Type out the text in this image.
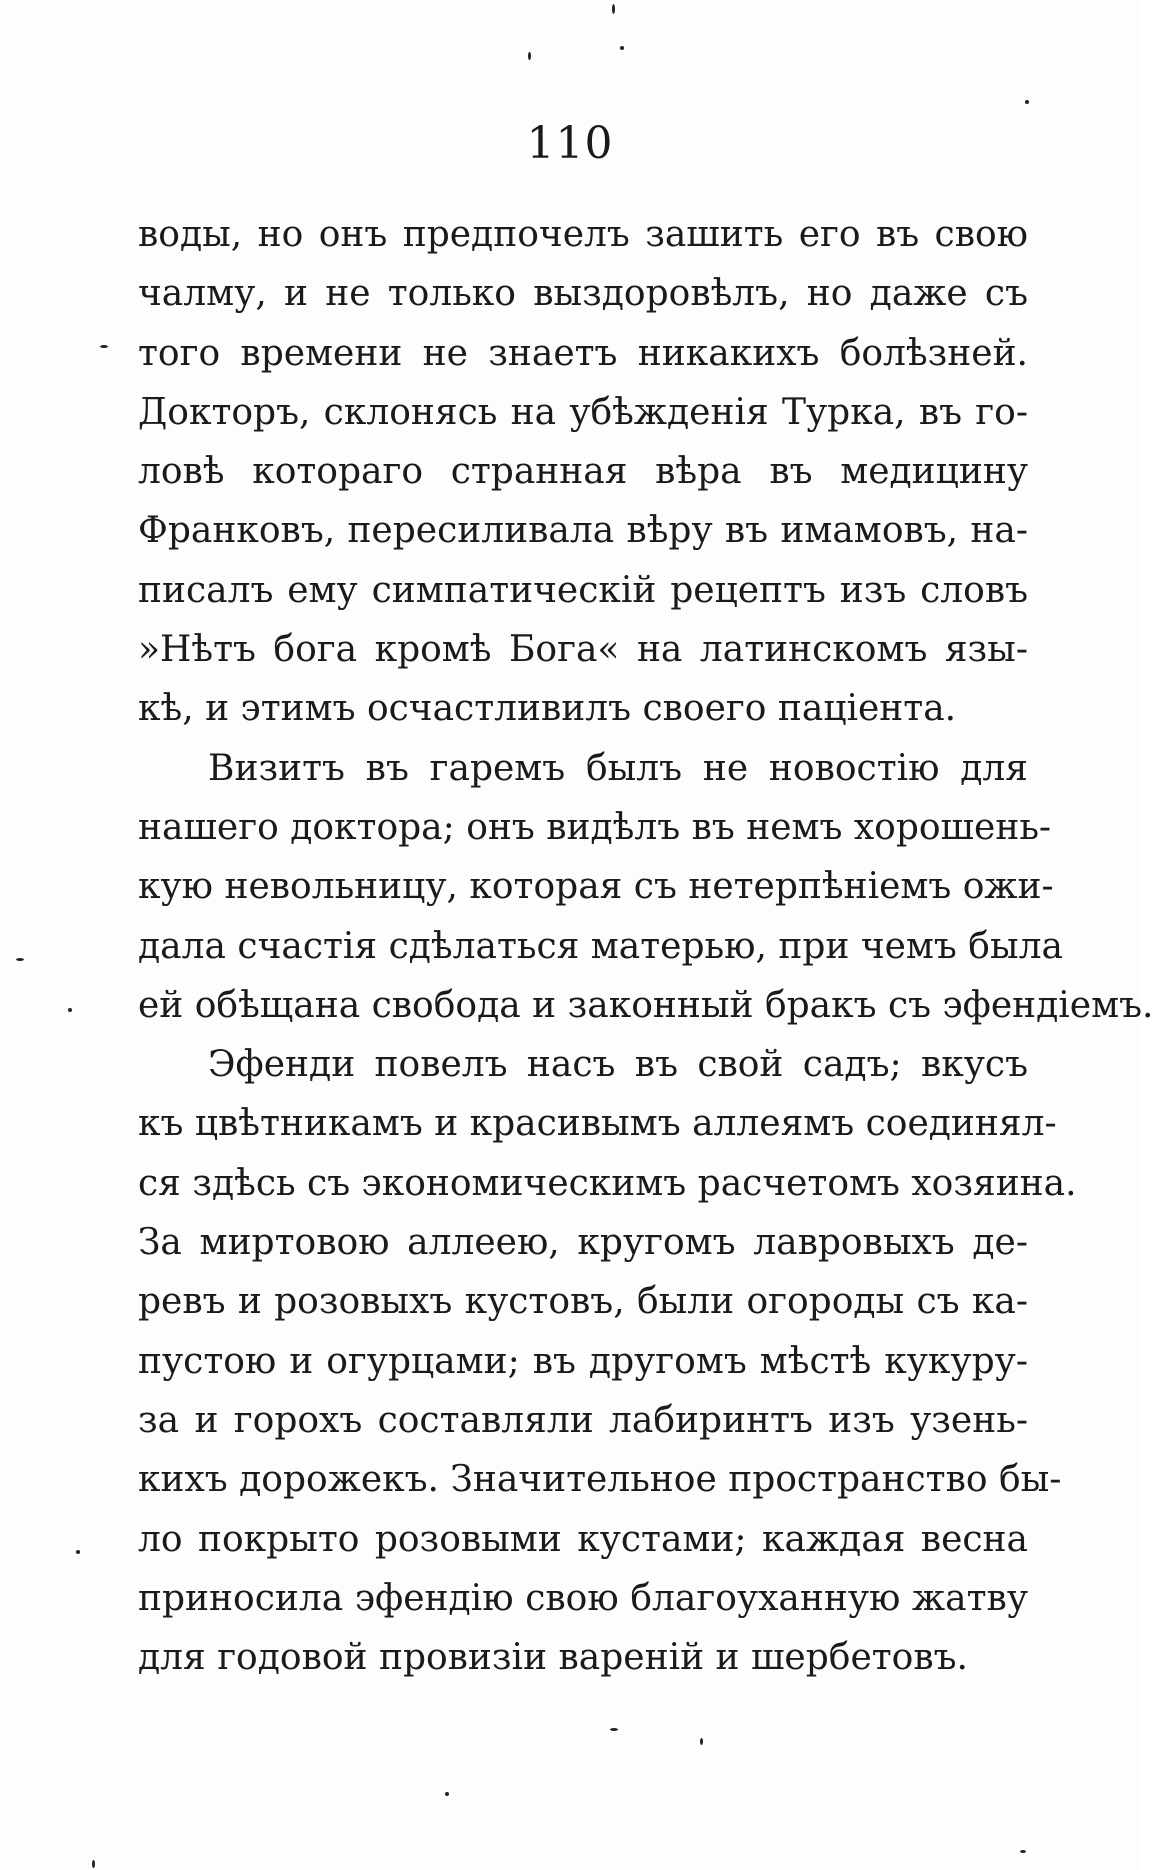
110
воды, но онъ предпочелъ зашить его въ свою
чалму, и не только выздоровѣлъ, но даже съ
того времени не знаетъ никакихъ болѣзней.
Докторъ, склонясь на убѣжденія Турка, въ го-
ловѣ котораго странная вѣра въ медицину
Франковъ, пересиливала вѣру въ имамовъ, на-
писалъ ему симпатическій рецептъ изъ словъ
»Нѣтъ бога кромѣ Бога« на латинскомъ язы-
кѣ, и этимъ осчастливилъ своего паціента.
Визитъ въ гаремъ былъ не новостію для
нашего доктора; онъ видѣлъ въ немъ хорошень-
кую невольницу, которая съ нетерпѣніемъ ожи-
дала счастія сдѣлаться матерью, при чемъ была
ей обѣщана свобода и законный бракъ съ эфендіемъ.
Эфенди повелъ насъ въ свой садъ; вкусъ
къ цвѣтникамъ и красивымъ аллеямъ соединял-
ся здѣсь съ экономическимъ расчетомъ хозяина.
За миртовою аллеею, кругомъ лавровыхъ де-
ревъ и розовыхъ кустовъ, были огороды съ ка-
пустою и огурцами; въ другомъ мѣстѣ кукуру-
за и горохъ составляли лабиринтъ изъ узень-
кихъ дорожекъ. Значительное пространство бы-
ло покрыто розовыми кустами; каждая весна
приносила эфендію свою благоуханную жатву
для годовой провизіи вареній и шербетовъ.
